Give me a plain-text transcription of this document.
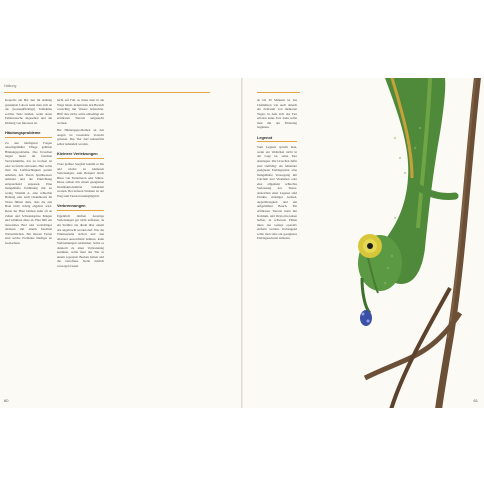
Haltung

Koprofis ein Bei den im Anhang genannten Labors kann man sich an die (kostenpflichtige) Teilnahme solcher Tests binden, wenn deren Fehlerursache angesehen und die Klärung von Interesse ist.

Häutungsprobleme

Zu den häufigsten Folgen unsachgemäßer Pflege gehören Häutungsprobleme. Das Ursachen liegen meist im falschen Terrarienklima, das zu trocken ist oder zu feucht sein kann. Hier sollte man die Luftfeuchtigkeit gezielt anheben, den Tieren Sprühwasser anbieten und die Einrichtung entsprechend anpassen. Eine mangelhafte Ernährung mit zu wenig Vitamin A, eine schlechte Haltung oder auch Chamäleons im Stress führen dazu, dass die alte Haut nicht richtig abgelöst wird. Reste der Haut bleiben dann oft an Zehen und Schwanzspitze hängen und schnüren diese ab. Hier hilft ein lauwarmes Bad und vorsichtiges Ablösen mit einem feuchten Wattestäbchen. Bei älteren Tieren sind solche Probleme häufiger zu beobachten.

nicht auf Fall, so muss man in die Wege leiten, indem man den Bereich vorsichtig mit Wasser befeuchtet. Hilft dies nicht, sollte unbedingt ein erfahrener Tierarzt aufgesucht werden.

Bei Häutungsproblemen an den Augen ist besondere Vorsicht geboten. Das Tier darf keinesfalls selbst behandelt werden.

Kleinere Verletzungen

Trotz größter Sorgfalt kommt es hin und wieder zu kleineren Verletzungen, zum Beispiel durch Bisse von Futtertieren oder Stürze. Diese sollten mit einem geeigneten Desinfektionsmittel behandelt werden. Bei tieferen Wunden ist der Weg zum Tierarzt unumgänglich.

Verbrennungen

Eigentlich dürften derartige Verletzungen gar nicht auftreten, da ein Strahler nie direkt über einem Ast angebracht werden darf. Wer die Wärmequelle sichert und den Abstand ausreichend bemisst, kann Verbrennungen vermeiden. Sollte es dennoch zu einer Verbrennung kommen, sollte man das Tier in einem separaten Becken halten und die betroffene Stelle ärztlich versorgen lassen.

60

ab bis 30 Minuten ist das Chamäleon wie auch danach ein Zeitraum von mehreren Tagen, in dem sich das Tier erholen kann. Erst dann sollte man mit der Fütterung beginnen.

Legenot

Vom Legenot spricht man, wenn ein Weibchen nicht in der Lage ist, seine Eier abzulegen. Die Ursachen dafür sind vielfältig: ein fehlender geeigneter Eiablageplatz, eine mangelhafte Versorgung mit Calcium und Vitaminen oder eine allgemein schlechte Verfassung des Tieres. Anzeichen einer Legenot sind Unruhe, ständiges Graben, Appetitlosigkeit und ein aufgeblähter Bauch. Ein erfahrener Tierarzt kann mit Kalzium- und Oxytocin-Gaben helfen, in schweren Fällen muss das Gelege operativ entfernt werden. Vorbeugend sollte man stets ein geeignetes Eiablagesubstrat anbieten.

61
